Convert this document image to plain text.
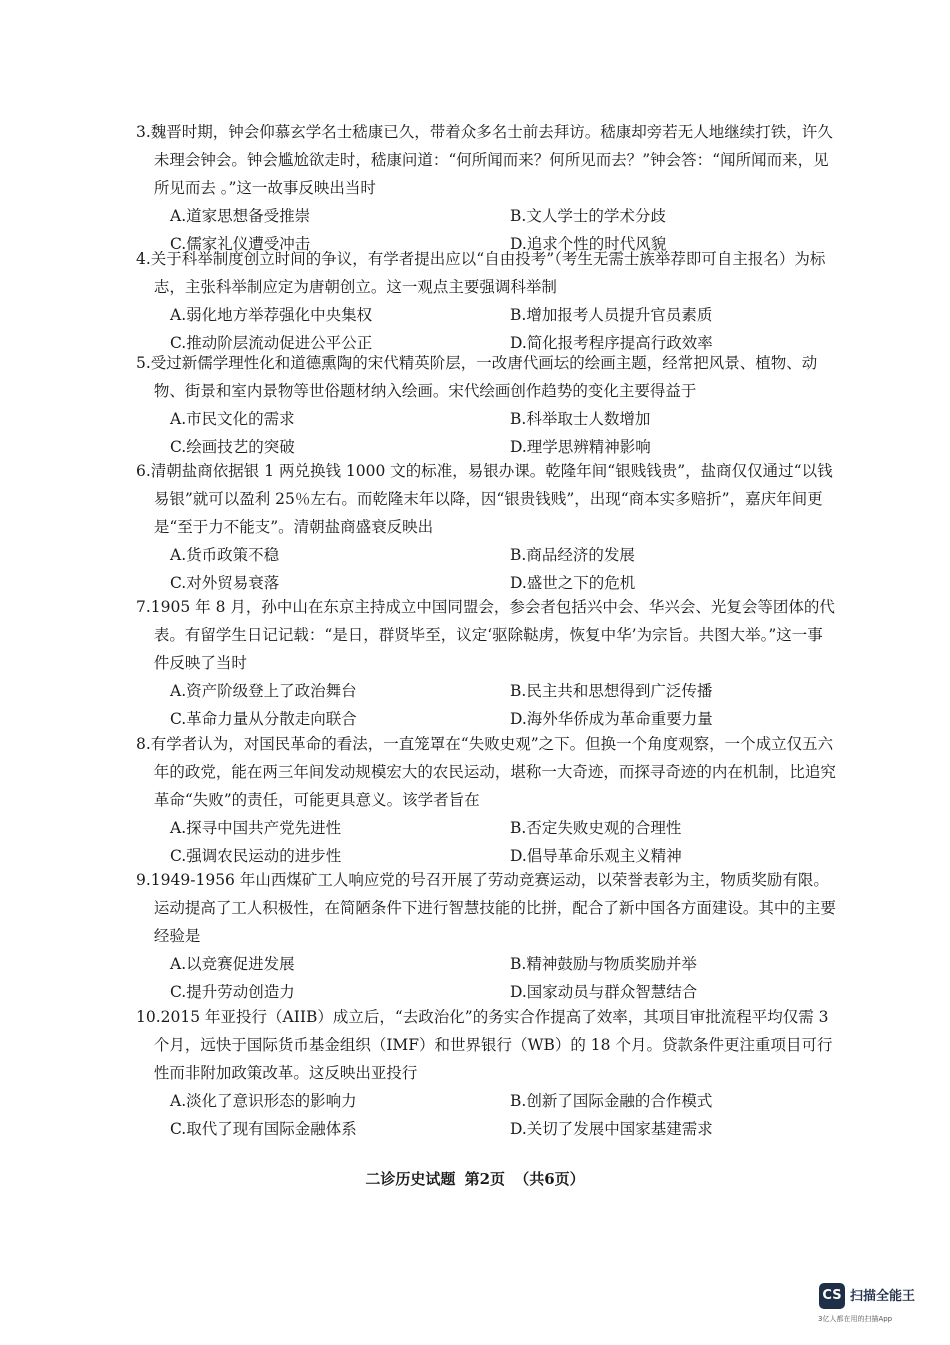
3.魏晋时期，钟会仰慕玄学名士嵇康已久，带着众多名士前去拜访。嵇康却旁若无人地继续打铁，许久未理会钟会。钟会尴尬欲走时，嵇康问道：“何所闻而来？何所见而去？”钟会答：“闻所闻而来，见所见而去 。”这一故事反映出当时
A.道家思想备受推崇	B.文人学士的学术分歧
C.儒家礼仪遭受冲击	D.追求个性的时代风貌
4.关于科举制度创立时间的争议，有学者提出应以“自由投考”（考生无需士族举荐即可自主报名）为标志，主张科举制应定为唐朝创立。这一观点主要强调科举制
A.弱化地方举荐强化中央集权	B.增加报考人员提升官员素质
C.推动阶层流动促进公平公正	D.简化报考程序提高行政效率
5.受过新儒学理性化和道德熏陶的宋代精英阶层，一改唐代画坛的绘画主题，经常把风景、植物、动物、街景和室内景物等世俗题材纳入绘画。宋代绘画创作趋势的变化主要得益于
A.市民文化的需求	B.科举取士人数增加
C.绘画技艺的突破	D.理学思辨精神影响
6.清朝盐商依据银 1 两兑换钱 1000 文的标准，易银办课。乾隆年间“银贱钱贵”，盐商仅仅通过“以钱易银”就可以盈利 25％左右。而乾隆末年以降，因“银贵钱贱”，出现“商本实多赔折”，嘉庆年间更是“至于力不能支”。清朝盐商盛衰反映出
A.货币政策不稳	B.商品经济的发展
C.对外贸易衰落	D.盛世之下的危机
7.1905 年 8 月，孙中山在东京主持成立中国同盟会，参会者包括兴中会、华兴会、光复会等团体的代表。有留学生日记记载：“是日，群贤毕至，议定‘驱除鞑虏，恢复中华’为宗旨。共图大举。”这一事件反映了当时
A.资产阶级登上了政治舞台	B.民主共和思想得到广泛传播
C.革命力量从分散走向联合	D.海外华侨成为革命重要力量
8.有学者认为，对国民革命的看法，一直笼罩在“失败史观”之下。但换一个角度观察，一个成立仅五六年的政党，能在两三年间发动规模宏大的农民运动，堪称一大奇迹，而探寻奇迹的内在机制，比追究革命“失败”的责任，可能更具意义。该学者旨在
A.探寻中国共产党先进性	B.否定失败史观的合理性
C.强调农民运动的进步性	D.倡导革命乐观主义精神
9.1949-1956 年山西煤矿工人响应党的号召开展了劳动竞赛运动，以荣誉表彰为主，物质奖励有限。运动提高了工人积极性，在简陋条件下进行智慧技能的比拼，配合了新中国各方面建设。其中的主要经验是
A.以竞赛促进发展	B.精神鼓励与物质奖励并举
C.提升劳动创造力	D.国家动员与群众智慧结合
10.2015 年亚投行（AIIB）成立后，“去政治化”的务实合作提高了效率，其项目审批流程平均仅需 3 个月，远快于国际货币基金组织（IMF）和世界银行（WB）的 18 个月。贷款条件更注重项目可行性而非附加政策改革。这反映出亚投行
A.淡化了意识形态的影响力	B.创新了国际金融的合作模式
C.取代了现有国际金融体系	D.关切了发展中国家基建需求
二诊历史试题 第2页 （共6页）
CS 扫描全能王
3亿人都在用的扫描App
